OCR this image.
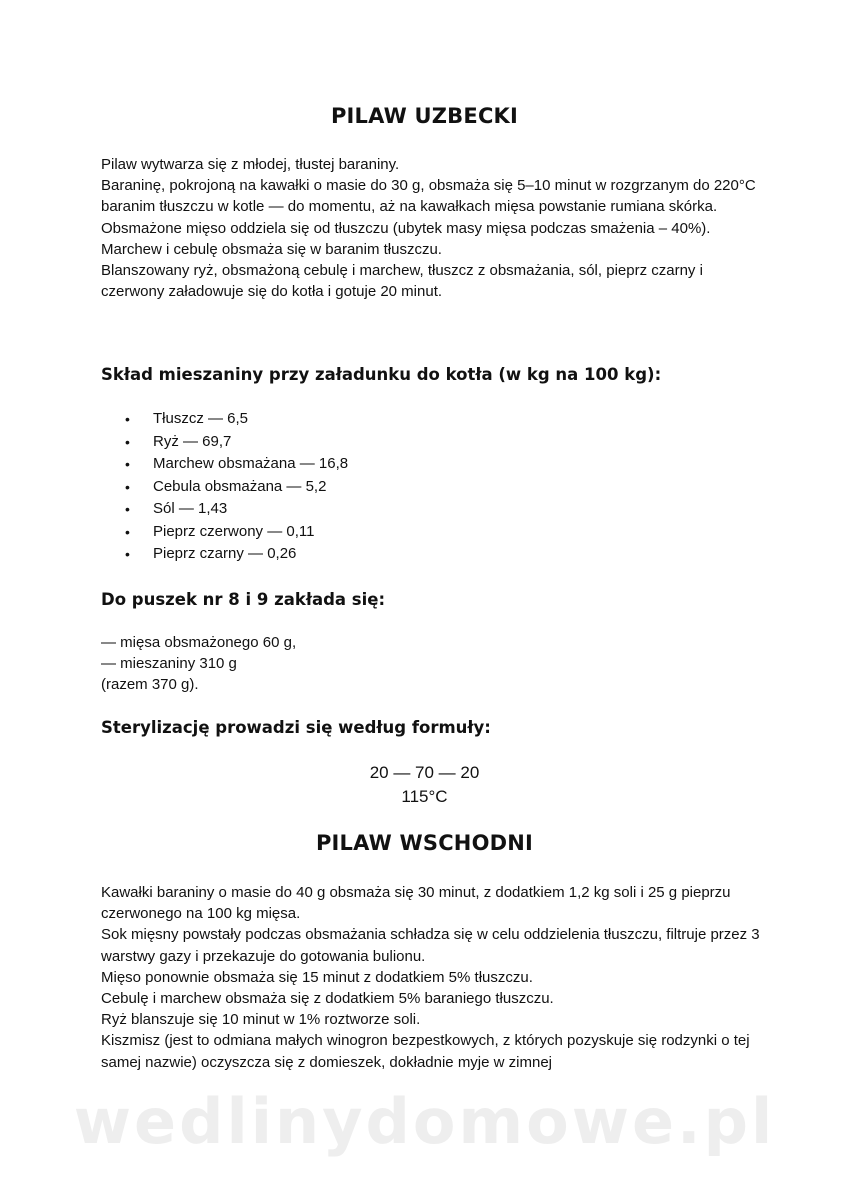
PILAW UZBECKI

Pilaw wytwarza się z młodej, tłustej baraniny.

Baraninę, pokrojoną na kawałki o masie do 30 g, obsmaża się 5–10 minut w rozgrzanym do 220°C baranim tłuszczu w kotle — do momentu, aż na kawałkach mięsa powstanie rumiana skórka.

Obsmażone mięso oddziela się od tłuszczu (ubytek masy mięsa podczas smażenia – 40%).

Marchew i cebulę obsmaża się w baranim tłuszczu.

Blanszowany ryż, obsmażoną cebulę i marchew, tłuszcz z obsmażania, sól, pieprz czarny i czerwony załadowuje się do kotła i gotuje 20 minut.

Skład mieszaniny przy załadunku do kotła (w kg na 100 kg):
• Tłuszcz — 6,5
• Ryż — 69,7
• Marchew obsmażana — 16,8
• Cebula obsmażana — 5,2
• Sól — 1,43
• Pieprz czerwony — 0,11
• Pieprz czarny — 0,26
Do puszek nr 8 i 9 zakłada się:

— mięsa obsmażonego 60 g,

— mieszaniny 310 g

(razem 370 g).

Sterylizację prowadzi się według formuły:
20 — 70 — 20
115°C
PILAW WSCHODNI

Kawałki baraniny o masie do 40 g obsmaża się 30 minut, z dodatkiem 1,2 kg soli i 25 g pieprzu czerwonego na 100 kg mięsa.

Sok mięsny powstały podczas obsmażania schładza się w celu oddzielenia tłuszczu, filtruje przez 3 warstwy gazy i przekazuje do gotowania bulionu.

Mięso ponownie obsmaża się 15 minut z dodatkiem 5% tłuszczu.

Cebulę i marchew obsmaża się z dodatkiem 5% baraniego tłuszczu.

Ryż blanszuje się 10 minut w 1% roztworze soli.

Kiszmisz (jest to odmiana małych winogron bezpestkowych, z których pozyskuje się rodzynki o tej samej nazwie) oczyszcza się z domieszek, dokładnie myje w zimnej

wedlinydomowe.pl
